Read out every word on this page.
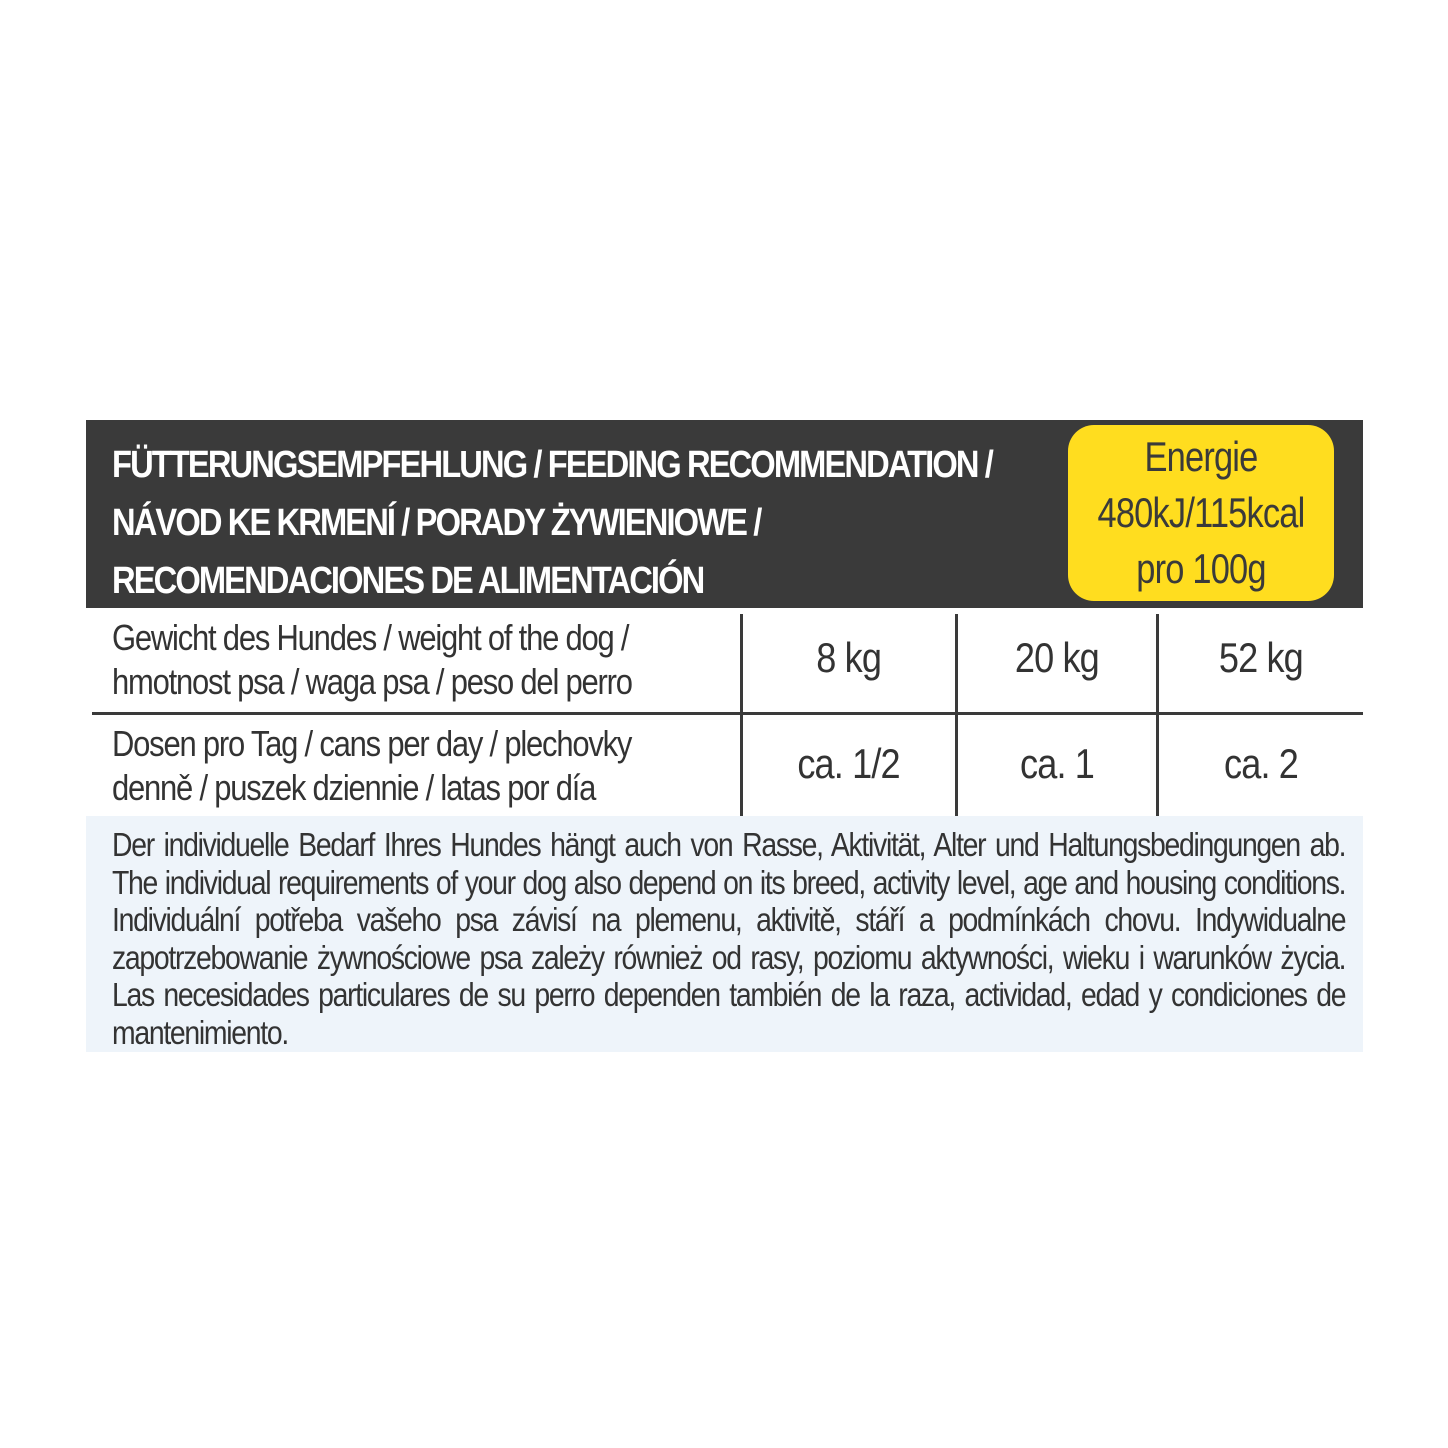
FÜTTERUNGSEMPFEHLUNG / FEEDING RECOMMENDATION /
NÁVOD KE KRMENÍ / PORADY ŻYWIENIOWE /
RECOMENDACIONES DE ALIMENTACIÓN
Energie
480kJ/115kcal
pro 100g

Gewicht des Hundes / weight of the dog /
hmotnost psa / waga psa / peso del perro

8 kg	20 kg	52 kg

Dosen pro Tag / cans per day / plechovky
denně / puszek dziennie / latas por día

ca. 1/2	ca. 1	ca. 2

Der individuelle Bedarf Ihres Hundes hängt auch von Rasse, Aktivität, Alter und Haltungsbedingungen ab. The individual requirements of your dog also depend on its breed, activity level, age and housing conditions. Individuální potřeba vašeho psa závisí na plemenu, aktivitě, stáří a podmínkách chovu. Indywidualne zapotrzebowanie żywnościowe psa zależy również od rasy, poziomu aktywności, wieku i warunków życia. Las necesidades particulares de su perro dependen también de la raza, actividad, edad y condiciones de mantenimiento.
